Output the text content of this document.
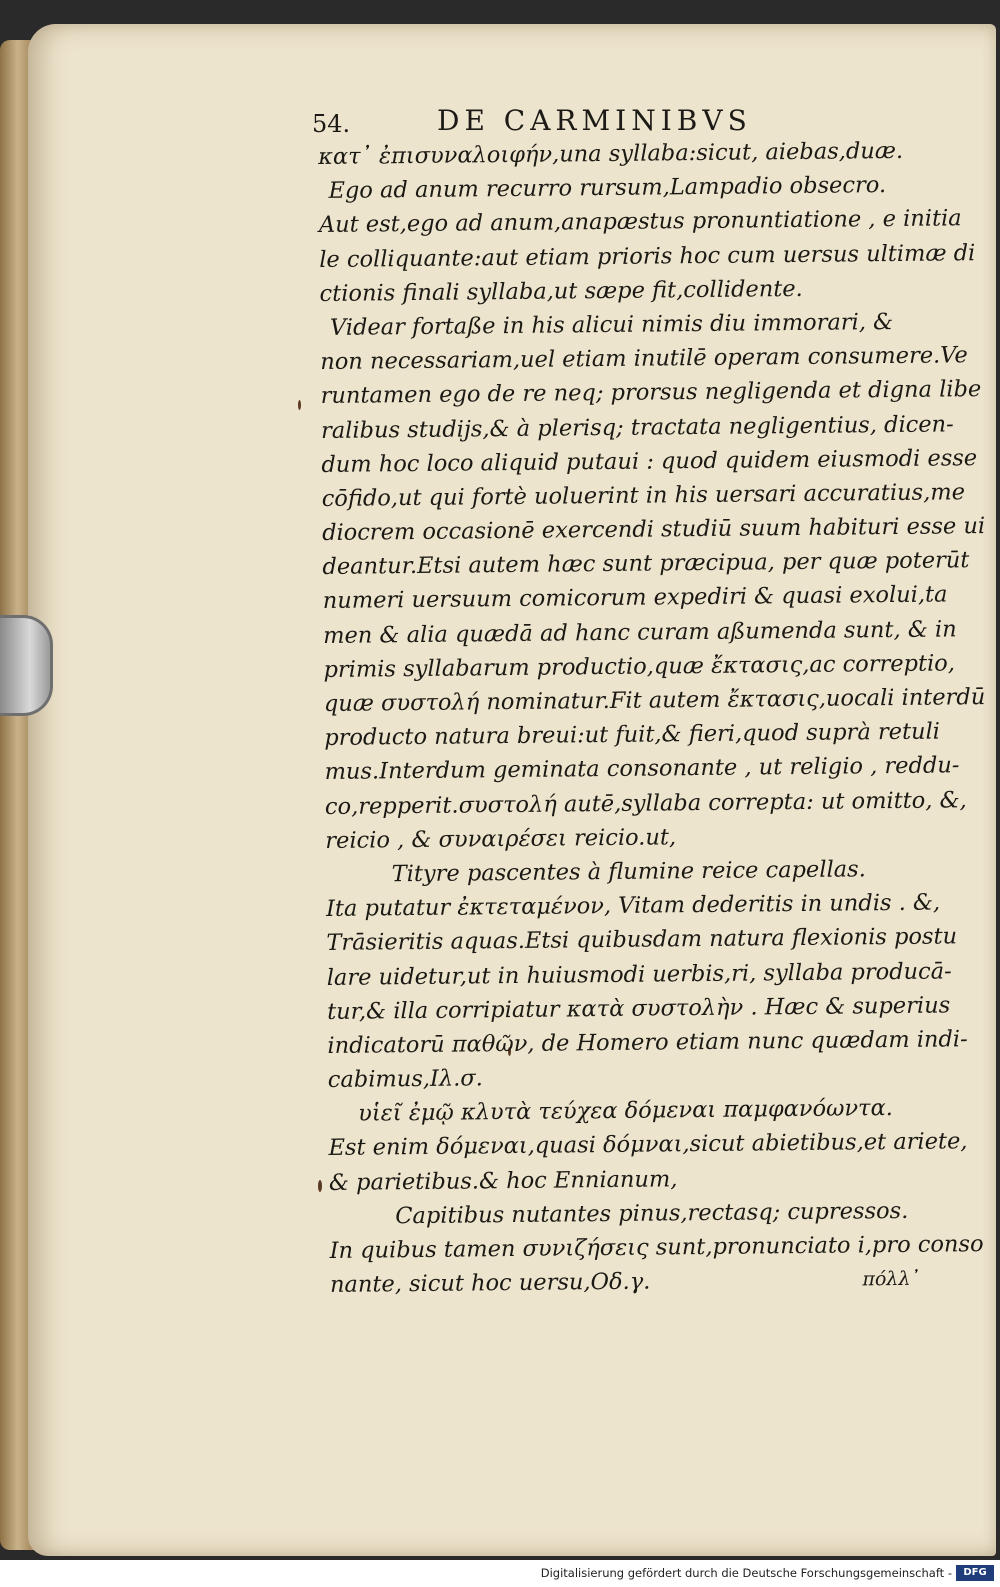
54.	DE CARMINIBVS
κατ᾽ ἐπισυναλοιφήν,una syllaba:sicut, aiebas,duæ.
Ego ad anum recurro rursum,Lampadio obsecro.
Aut est,ego ad anum,anapæstus pronuntiatione , e initia
le colliquante:aut etiam prioris hoc cum uersus ultimæ di
ctionis finali syllaba,ut sæpe fit,collidente.
Videar fortaße in his alicui nimis diu immorari, &
non necessariam,uel etiam inutilē operam consumere.Ve
runtamen ego de re neq; prorsus negligenda et digna libe
ralibus studijs,& à plerisq; tractata negligentius, dicen-
dum hoc loco aliquid putaui : quod quidem eiusmodi esse
cōfido,ut qui fortè uoluerint in his uersari accuratius,me
diocrem occasionē exercendi studiū suum habituri esse ui
deantur.Etsi autem hæc sunt præcipua, per quæ poterūt
numeri uersuum comicorum expediri & quasi exolui,ta
men & alia quædā ad hanc curam aßumenda sunt, & in
primis syllabarum productio,quæ ἔκτασις,ac correptio,
quæ συστολή nominatur.Fit autem ἔκτασις,uocali interdū
producto natura breui:ut fuit,& fieri,quod suprà retuli
mus.Interdum geminata consonante , ut religio , reddu-
co,repperit.συστολή autē,syllaba correpta: ut omitto, &,
reicio , & συναιρέσει reicio.ut,
Tityre pascentes à flumine reice capellas.
Ita putatur ἐκτεταμένον, Vitam dederitis in undis . &,
Trāsieritis aquas.Etsi quibusdam natura flexionis postu
lare uidetur,ut in huiusmodi uerbis,ri, syllaba producā-
tur,& illa corripiatur κατὰ συστολὴν . Hæc & superius
indicatorū παθῶν, de Homero etiam nunc quædam indi-
cabimus,Ιλ.σ.
υἱεῖ ἐμῷ κλυτὰ τεύχεα δόμεναι παμφανόωντα.
Est enim δόμεναι,quasi δόμναι,sicut abietibus,et ariete,
& parietibus.& hoc Ennianum,
Capitibus nutantes pinus,rectasq; cupressos.
In quibus tamen συνιζήσεις sunt,pronunciato i,pro conso
nante, sicut hoc uersu,Οδ.γ.	πόλλ᾽
Digitalisierung gefördert durch die Deutsche Forschungsgemeinschaft -	DFG
